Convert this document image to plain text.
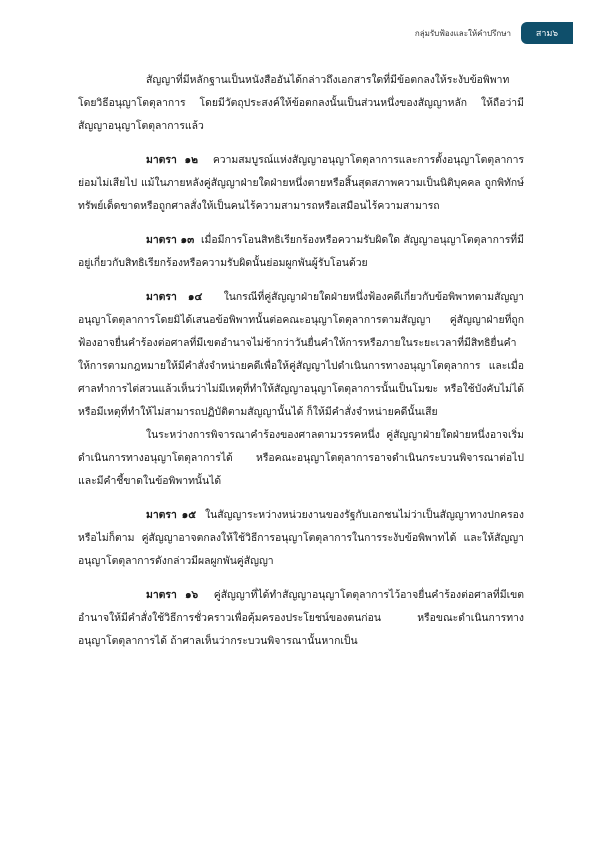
กลุ่มรับฟ้องและให้คำปรึกษา	สาม๖

สัญญาที่มีหลักฐานเป็นหนังสืออันได้กล่าวถึงเอกสารใดที่มีข้อตกลงให้ระงับข้อพิพาทโดยวิธีอนุญาโตตุลาการ โดยมีวัตถุประสงค์ให้ข้อตกลงนั้นเป็นส่วนหนึ่งของสัญญาหลัก ให้ถือว่ามีสัญญาอนุญาโตตุลาการแล้ว

มาตรา ๑๒ ความสมบูรณ์แห่งสัญญาอนุญาโตตุลาการและการตั้งอนุญาโตตุลาการย่อมไม่เสียไป แม้ในภายหลังคู่สัญญาฝ่ายใดฝ่ายหนึ่งตายหรือสิ้นสุดสภาพความเป็นนิติบุคคล ถูกพิทักษ์ทรัพย์เด็ดขาดหรือถูกศาลสั่งให้เป็นคนไร้ความสามารถหรือเสมือนไร้ความสามารถ

มาตรา ๑๓ เมื่อมีการโอนสิทธิเรียกร้องหรือความรับผิดใด สัญญาอนุญาโตตุลาการที่มีอยู่เกี่ยวกับสิทธิเรียกร้องหรือความรับผิดนั้นย่อมผูกพันผู้รับโอนด้วย

มาตรา ๑๔ ในกรณีที่คู่สัญญาฝ่ายใดฝ่ายหนึ่งฟ้องคดีเกี่ยวกับข้อพิพาทตามสัญญาอนุญาโตตุลาการโดยมิได้เสนอข้อพิพาทนั้นต่อคณะอนุญาโตตุลาการตามสัญญา คู่สัญญาฝ่ายที่ถูกฟ้องอาจยื่นคำร้องต่อศาลที่มีเขตอำนาจไม่ช้ากว่าวันยื่นคำให้การหรือภายในระยะเวลาที่มีสิทธิยื่นคำให้การตามกฎหมายให้มีคำสั่งจำหน่ายคดีเพื่อให้คู่สัญญาไปดำเนินการทางอนุญาโตตุลาการ และเมื่อศาลทำการไต่สวนแล้วเห็นว่าไม่มีเหตุที่ทำให้สัญญาอนุญาโตตุลาการนั้นเป็นโมฆะ หรือใช้บังคับไม่ได้ หรือมีเหตุที่ทำให้ไม่สามารถปฏิบัติตามสัญญานั้นได้ ก็ให้มีคำสั่งจำหน่ายคดีนั้นเสีย

ในระหว่างการพิจารณาคำร้องของศาลตามวรรคหนึ่ง คู่สัญญาฝ่ายใดฝ่ายหนึ่งอาจเริ่มดำเนินการทางอนุญาโตตุลาการได้ หรือคณะอนุญาโตตุลาการอาจดำเนินกระบวนพิจารณาต่อไป และมีคำชี้ขาดในข้อพิพาทนั้นได้

มาตรา ๑๕ ในสัญญาระหว่างหน่วยงานของรัฐกับเอกชนไม่ว่าเป็นสัญญาทางปกครองหรือไม่ก็ตาม คู่สัญญาอาจตกลงให้ใช้วิธีการอนุญาโตตุลาการในการระงับข้อพิพาทได้ และให้สัญญาอนุญาโตตุลาการดังกล่าวมีผลผูกพันคู่สัญญา

มาตรา ๑๖ คู่สัญญาที่ได้ทำสัญญาอนุญาโตตุลาการไว้อาจยื่นคำร้องต่อศาลที่มีเขตอำนาจให้มีคำสั่งใช้วิธีการชั่วคราวเพื่อคุ้มครองประโยชน์ของตนก่อน หรือขณะดำเนินการทางอนุญาโตตุลาการได้ ถ้าศาลเห็นว่ากระบวนพิจารณานั้นหากเป็น
